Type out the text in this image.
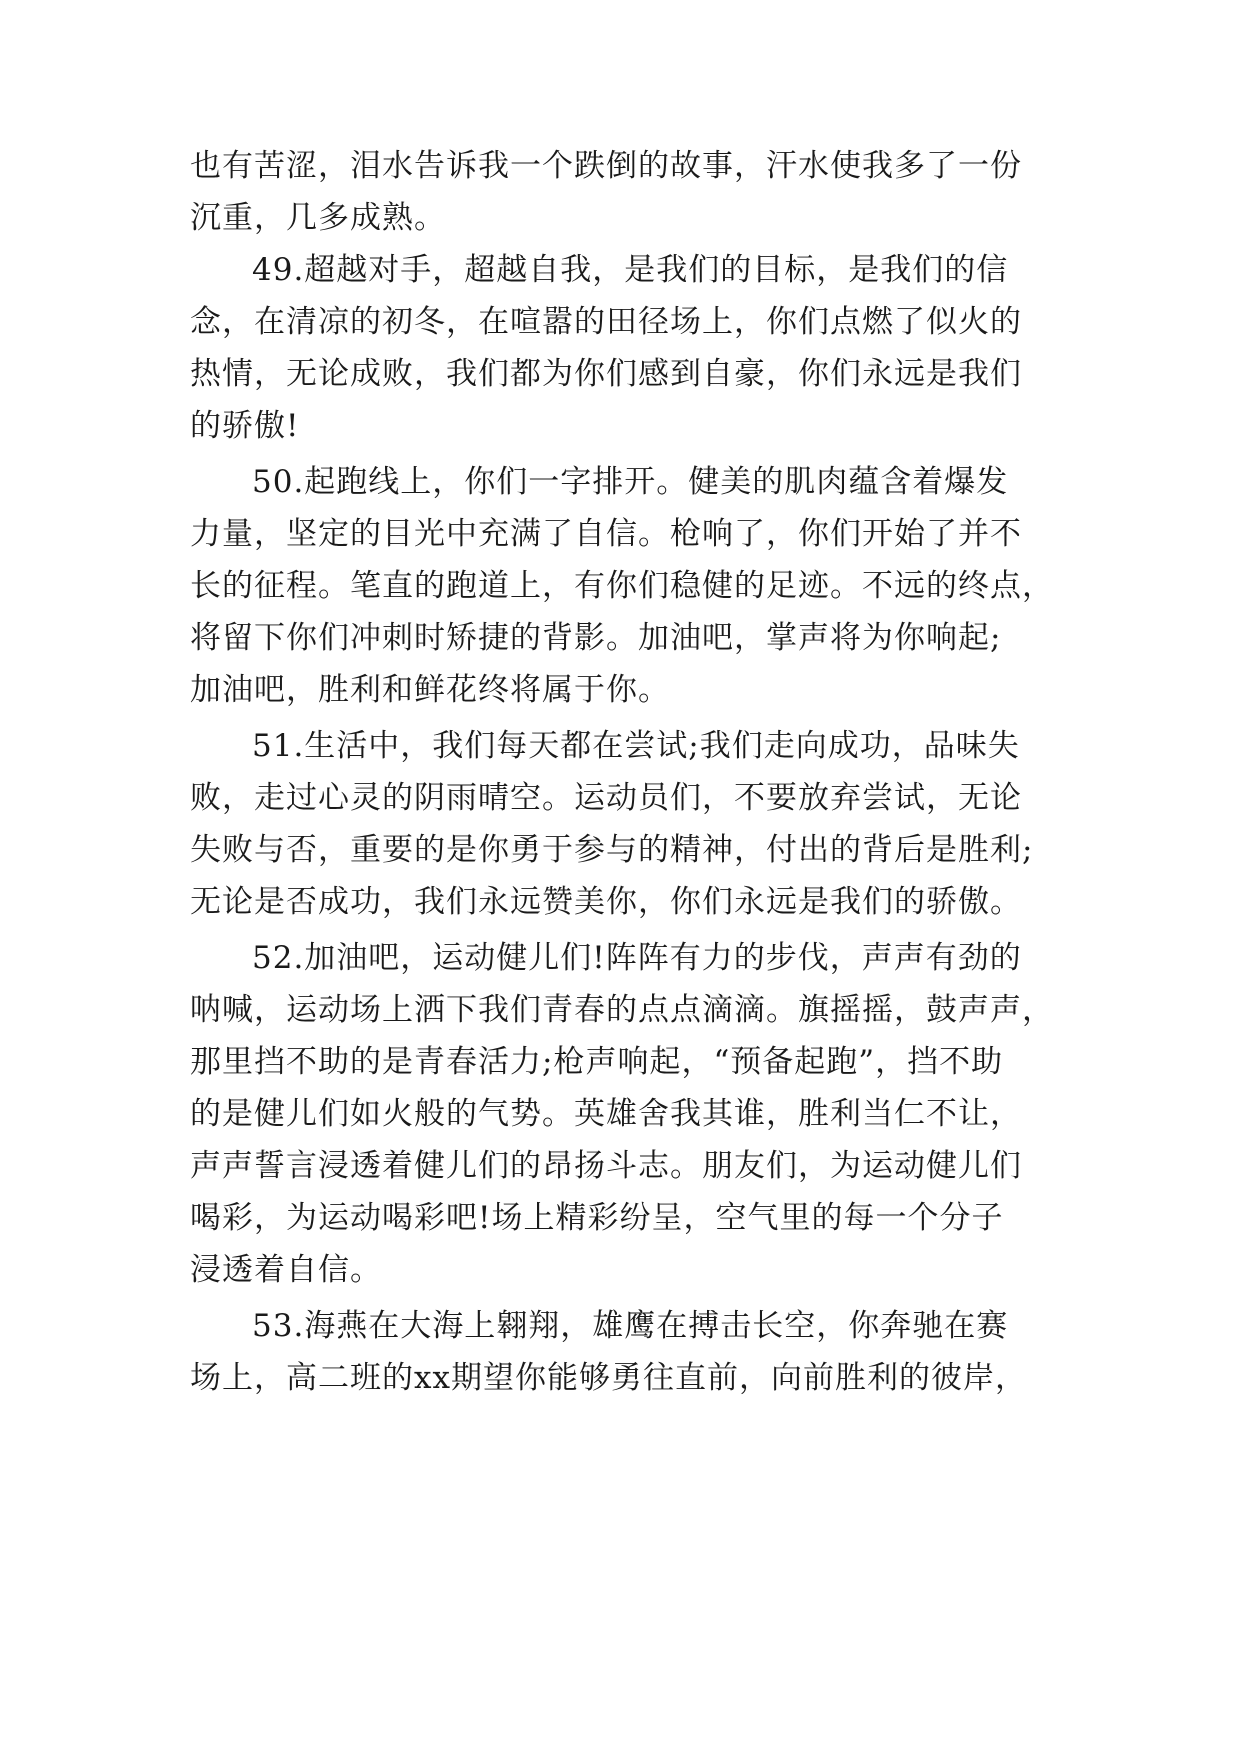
也有苦涩，泪水告诉我一个跌倒的故事，汗水使我多了一份
沉重，几多成熟。
49.超越对手，超越自我，是我们的目标，是我们的信
念，在清凉的初冬，在喧嚣的田径场上，你们点燃了似火的
热情，无论成败，我们都为你们感到自豪，你们永远是我们
的骄傲!
50.起跑线上，你们一字排开。健美的肌肉蕴含着爆发
力量，坚定的目光中充满了自信。枪响了，你们开始了并不
长的征程。笔直的跑道上，有你们稳健的足迹。不远的终点，
将留下你们冲刺时矫捷的背影。加油吧，掌声将为你响起;
加油吧，胜利和鲜花终将属于你。
51.生活中，我们每天都在尝试;我们走向成功，品味失
败，走过心灵的阴雨晴空。运动员们，不要放弃尝试，无论
失败与否，重要的是你勇于参与的精神，付出的背后是胜利;
无论是否成功，我们永远赞美你，你们永远是我们的骄傲。
52.加油吧，运动健儿们!阵阵有力的步伐，声声有劲的
呐喊，运动场上洒下我们青春的点点滴滴。旗摇摇，鼓声声，
那里挡不助的是青春活力;枪声响起，“预备起跑”，挡不助
的是健儿们如火般的气势。英雄舍我其谁，胜利当仁不让，
声声誓言浸透着健儿们的昂扬斗志。朋友们，为运动健儿们
喝彩，为运动喝彩吧!场上精彩纷呈，空气里的每一个分子
浸透着自信。
53.海燕在大海上翱翔，雄鹰在搏击长空，你奔驰在赛
场上，高二班的xx期望你能够勇往直前，向前胜利的彼岸，
